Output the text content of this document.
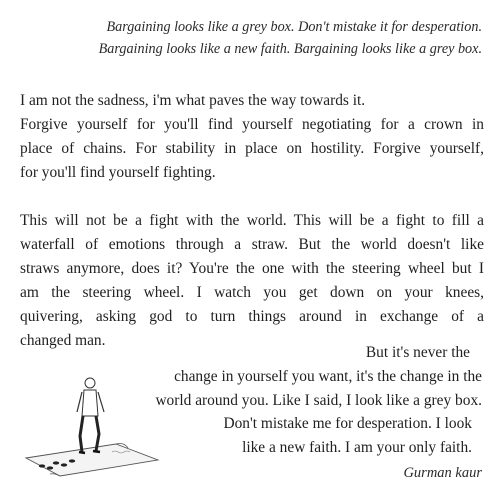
Bargaining looks like a grey box. Don't mistake it for desperation.
Bargaining looks like a new faith. Bargaining looks like a grey box.
I am not the sadness, i'm what paves the way towards it.
Forgive yourself for you'll find yourself negotiating for a crown in
place of chains. For stability in place on hostility. Forgive yourself,
for you'll find yourself fighting.
This will not be a fight with the world. This will be a fight to fill a
waterfall of emotions through a straw. But the world doesn't like
straws anymore, does it? You're the one with the steering wheel but I
am the steering wheel. I watch you get down on your knees,
quivering, asking god to turn things around in exchange of a
changed man.
But it's never the
change in yourself you want, it's the change in the
world around you. Like I said, I look like a grey box.
Don't mistake me for desperation. I look
like a new faith. I am your only faith.
Gurman kaur
